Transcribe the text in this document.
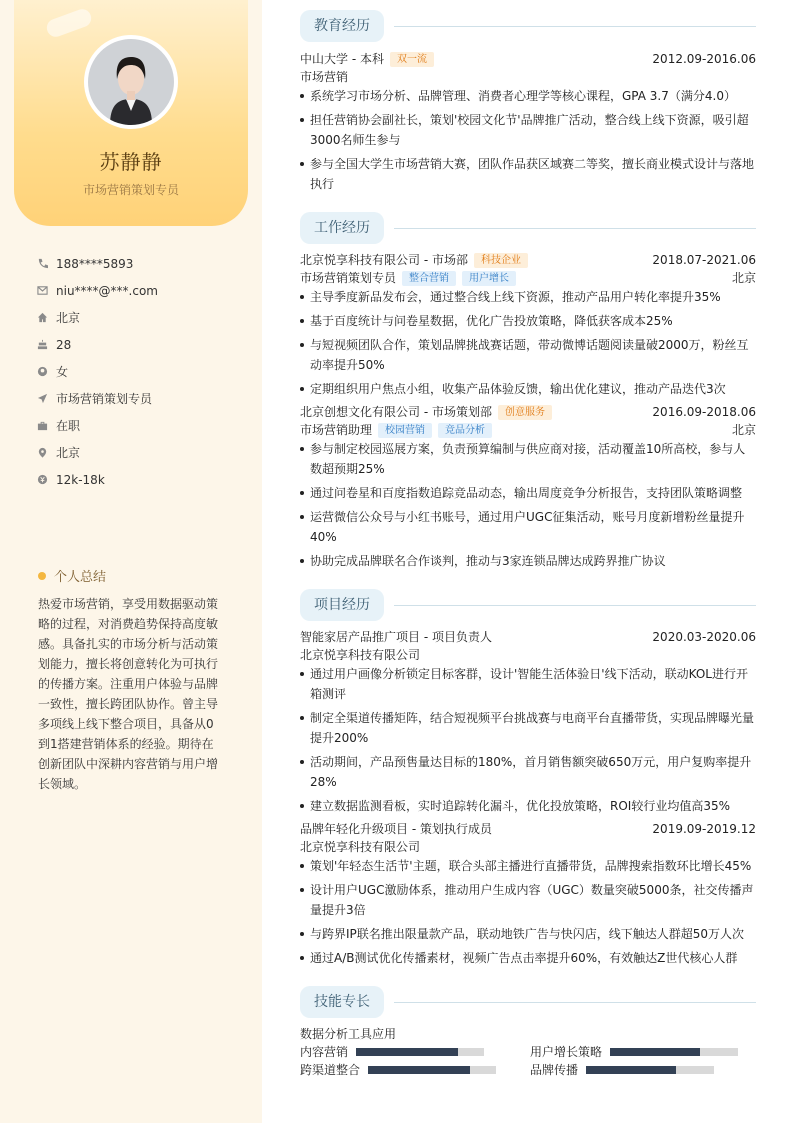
苏静静
市场营销策划专员
188****5893
niu****@***.com
北京
28
女
市场营销策划专员
在职
北京
12k-18k
个人总结
热爱市场营销，享受用数据驱动策略的过程，对消费趋势保持高度敏感。具备扎实的市场分析与活动策划能力，擅长将创意转化为可执行的传播方案。注重用户体验与品牌一致性，擅长跨团队协作。曾主导多项线上线下整合项目，具备从0到1搭建营销体系的经验。期待在创新团队中深耕内容营销与用户增长领域。
教育经历
中山大学 - 本科	双一流	2012.09-2016.06
市场营销
系统学习市场分析、品牌管理、消费者心理学等核心课程，GPA 3.7（满分4.0）
担任营销协会副社长，策划'校园文化节'品牌推广活动，整合线上线下资源，吸引超3000名师生参与
参与全国大学生市场营销大赛，团队作品获区域赛二等奖，擅长商业模式设计与落地执行
工作经历
北京悦享科技有限公司 - 市场部	科技企业	2018.07-2021.06
市场营销策划专员	整合营销	用户增长	北京
主导季度新品发布会，通过整合线上线下资源，推动产品用户转化率提升35%
基于百度统计与问卷星数据，优化广告投放策略，降低获客成本25%
与短视频团队合作，策划品牌挑战赛话题，带动微博话题阅读量破2000万，粉丝互动率提升50%
定期组织用户焦点小组，收集产品体验反馈，输出优化建议，推动产品迭代3次
北京创想文化有限公司 - 市场策划部	创意服务	2016.09-2018.06
市场营销助理	校园营销	竞品分析	北京
参与制定校园巡展方案，负责预算编制与供应商对接，活动覆盖10所高校，参与人数超预期25%
通过问卷星和百度指数追踪竞品动态，输出周度竞争分析报告，支持团队策略调整
运营微信公众号与小红书账号，通过用户UGC征集活动，账号月度新增粉丝量提升40%
协助完成品牌联名合作谈判，推动与3家连锁品牌达成跨界推广协议
项目经历
智能家居产品推广项目 - 项目负责人	2020.03-2020.06
北京悦享科技有限公司
通过用户画像分析锁定目标客群，设计'智能生活体验日'线下活动，联动KOL进行开箱测评
制定全渠道传播矩阵，结合短视频平台挑战赛与电商平台直播带货，实现品牌曝光量提升200%
活动期间，产品预售量达目标的180%，首月销售额突破650万元，用户复购率提升28%
建立数据监测看板，实时追踪转化漏斗，优化投放策略，ROI较行业均值高35%
品牌年轻化升级项目 - 策划执行成员	2019.09-2019.12
北京悦享科技有限公司
策划'年轻态生活节'主题，联合头部主播进行直播带货，品牌搜索指数环比增长45%
设计用户UGC激励体系，推动用户生成内容（UGC）数量突破5000条，社交传播声量提升3倍
与跨界IP联名推出限量款产品，联动地铁广告与快闪店，线下触达人群超50万人次
通过A/B测试优化传播素材，视频广告点击率提升60%，有效触达Z世代核心人群
技能专长
数据分析工具应用
内容营销	用户增长策略
跨渠道整合	品牌传播
